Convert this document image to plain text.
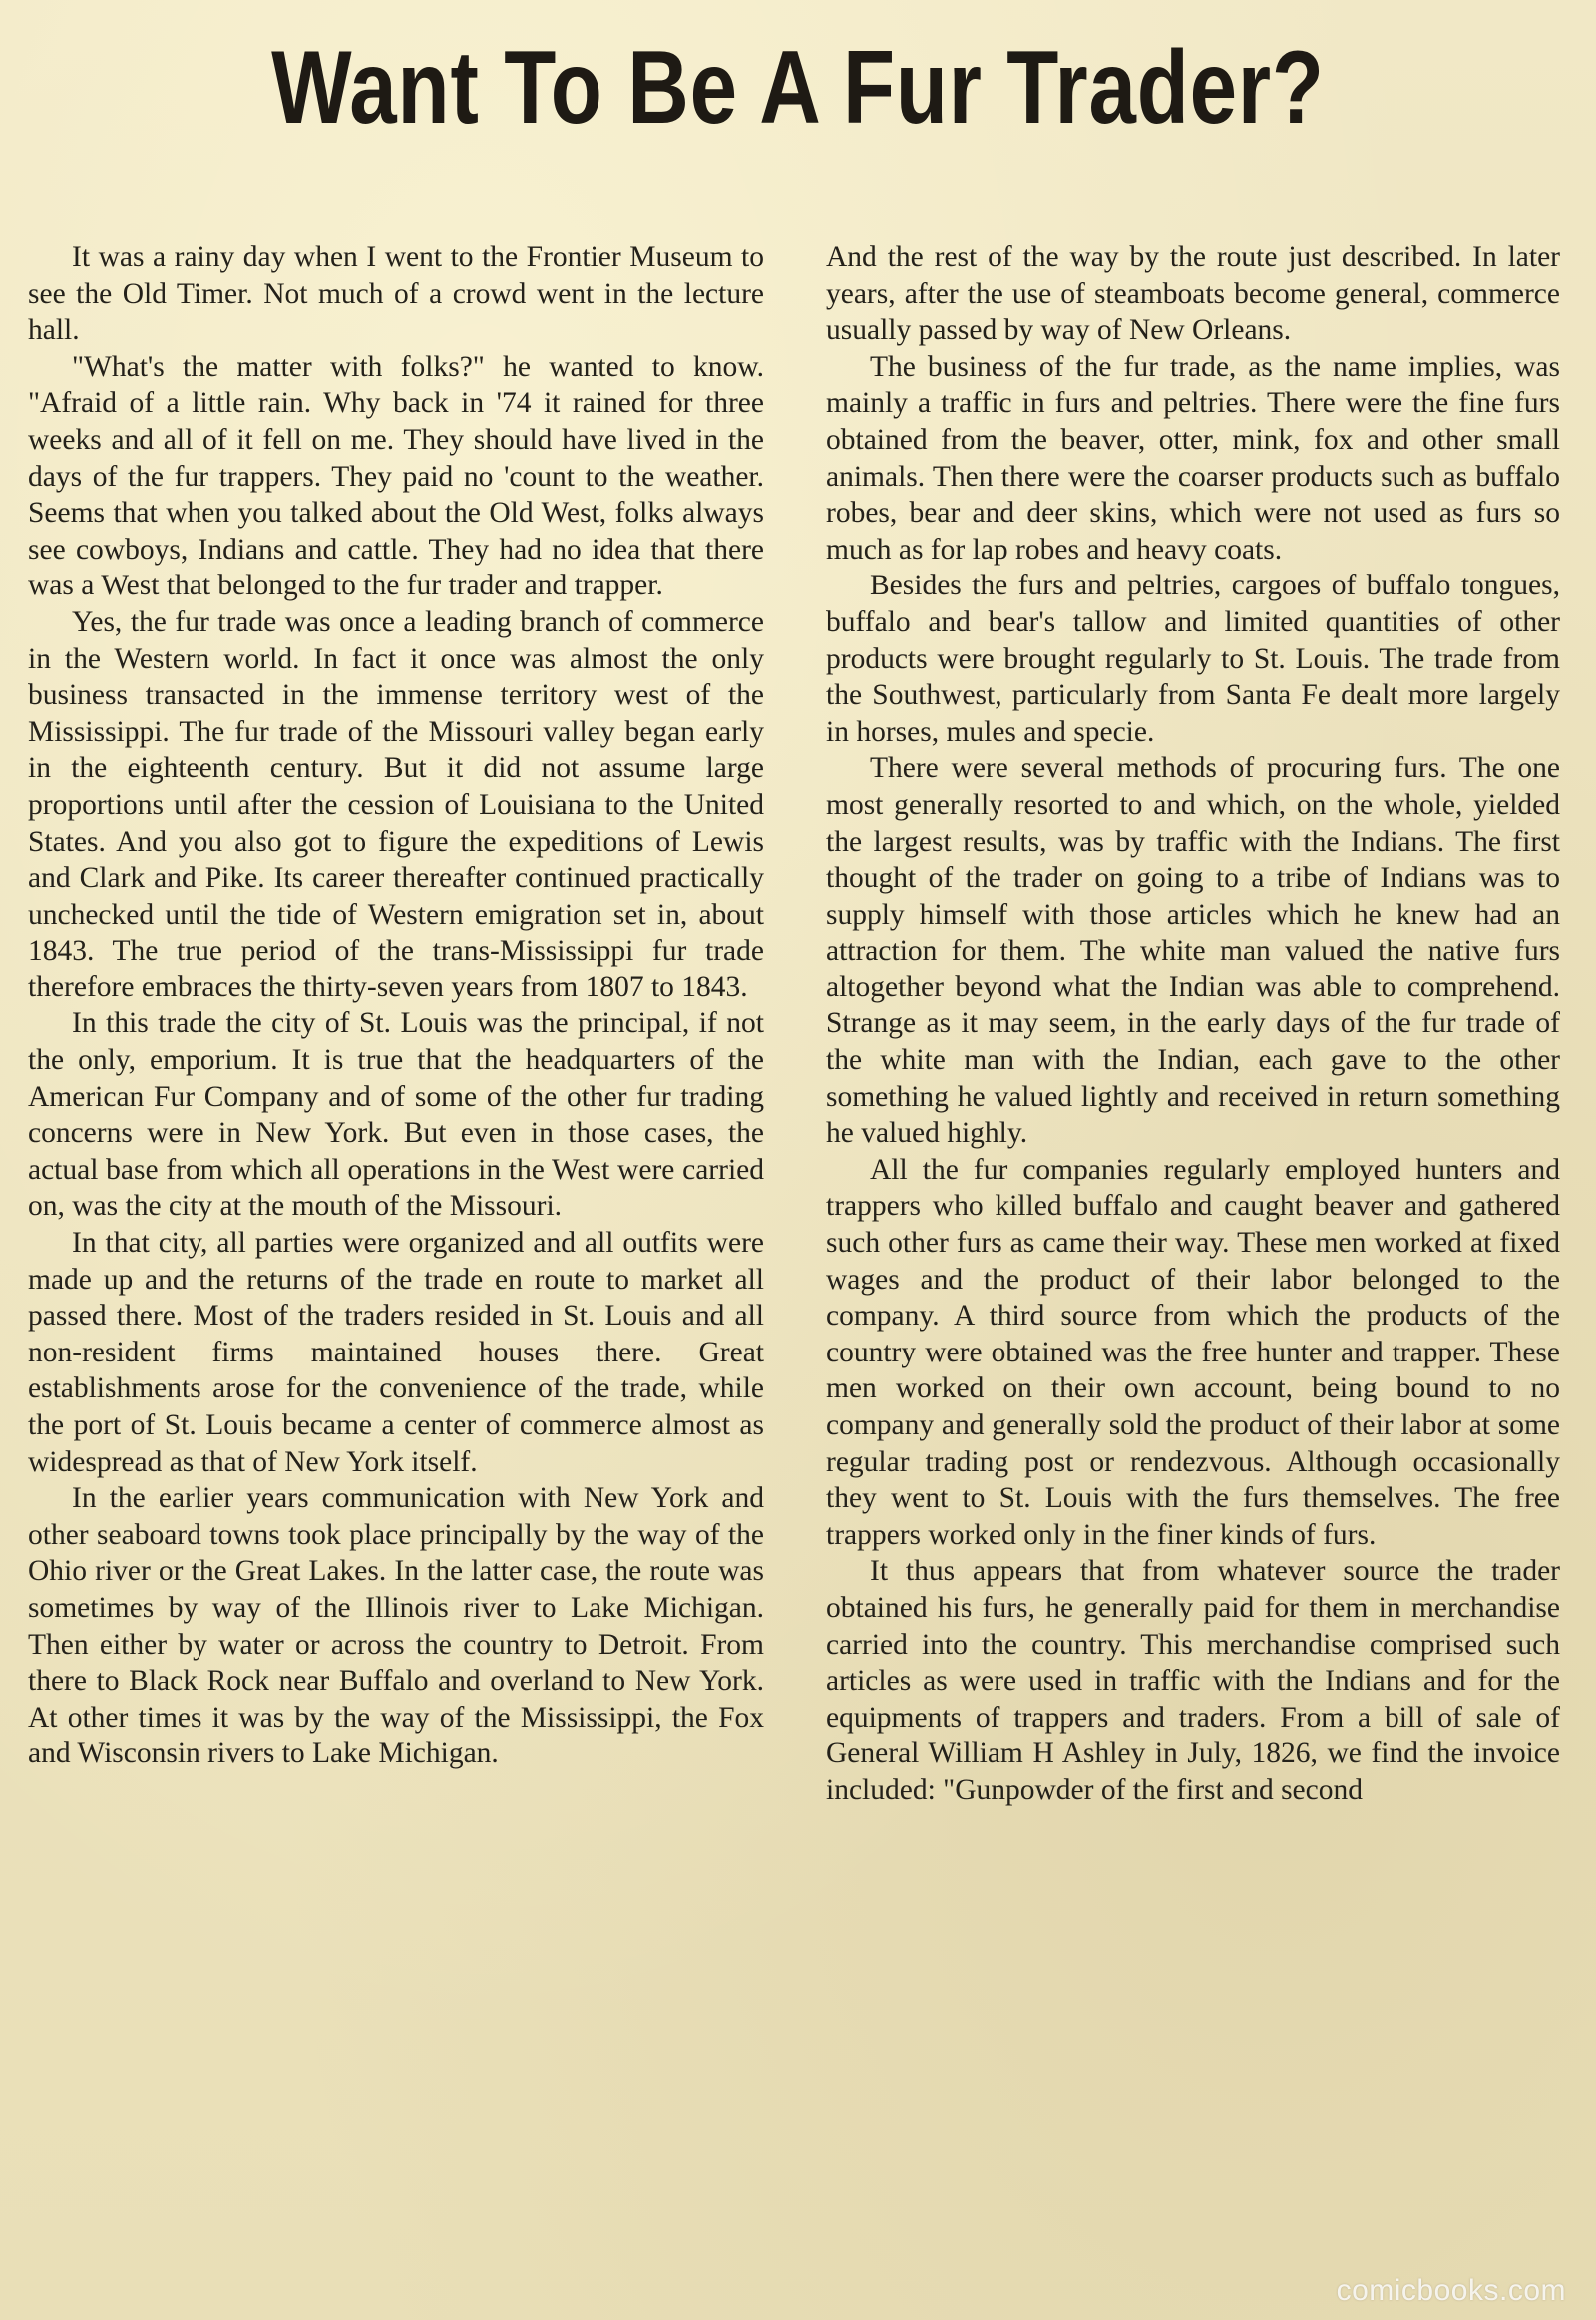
Want To Be A Fur Trader?

It was a rainy day when I went to the Frontier Museum to see the Old Timer. Not much of a crowd went in the lecture hall.

"What's the matter with folks?" he wanted to know. "Afraid of a little rain. Why back in '74 it rained for three weeks and all of it fell on me. They should have lived in the days of the fur trappers. They paid no 'count to the weather. Seems that when you talked about the Old West, folks always see cowboys, Indians and cattle. They had no idea that there was a West that belonged to the fur trader and trapper.

Yes, the fur trade was once a leading branch of commerce in the Western world. In fact it once was almost the only business transacted in the immense territory west of the Mississippi. The fur trade of the Missouri valley began early in the eighteenth century. But it did not assume large proportions until after the cession of Louisiana to the United States. And you also got to figure the expeditions of Lewis and Clark and Pike. Its career thereafter continued practically unchecked until the tide of Western emigration set in, about 1843. The true period of the trans-Mississippi fur trade therefore embraces the thirty-seven years from 1807 to 1843.

In this trade the city of St. Louis was the principal, if not the only, emporium. It is true that the headquarters of the American Fur Company and of some of the other fur trading concerns were in New York. But even in those cases, the actual base from which all operations in the West were carried on, was the city at the mouth of the Missouri.

In that city, all parties were organized and all outfits were made up and the returns of the trade en route to market all passed there. Most of the traders resided in St. Louis and all non-resident firms maintained houses there. Great establishments arose for the convenience of the trade, while the port of St. Louis became a center of commerce almost as widespread as that of New York itself.

In the earlier years communication with New York and other seaboard towns took place principally by the way of the Ohio river or the Great Lakes. In the latter case, the route was sometimes by way of the Illinois river to Lake Michigan. Then either by water or across the country to Detroit. From there to Black Rock near Buffalo and overland to New York. At other times it was by the way of the Mississippi, the Fox and Wisconsin rivers to Lake Michigan.

And the rest of the way by the route just described. In later years, after the use of steamboats become general, commerce usually passed by way of New Orleans.

The business of the fur trade, as the name implies, was mainly a traffic in furs and peltries. There were the fine furs obtained from the beaver, otter, mink, fox and other small animals. Then there were the coarser products such as buffalo robes, bear and deer skins, which were not used as furs so much as for lap robes and heavy coats.

Besides the furs and peltries, cargoes of buffalo tongues, buffalo and bear's tallow and limited quantities of other products were brought regularly to St. Louis. The trade from the Southwest, particularly from Santa Fe dealt more largely in horses, mules and specie.

There were several methods of procuring furs. The one most generally resorted to and which, on the whole, yielded the largest results, was by traffic with the Indians. The first thought of the trader on going to a tribe of Indians was to supply himself with those articles which he knew had an attraction for them. The white man valued the native furs altogether beyond what the Indian was able to comprehend. Strange as it may seem, in the early days of the fur trade of the white man with the Indian, each gave to the other something he valued lightly and received in return something he valued highly.

All the fur companies regularly employed hunters and trappers who killed buffalo and caught beaver and gathered such other furs as came their way. These men worked at fixed wages and the product of their labor belonged to the company. A third source from which the products of the country were obtained was the free hunter and trapper. These men worked on their own account, being bound to no company and generally sold the product of their labor at some regular trading post or rendezvous. Although occasionally they went to St. Louis with the furs themselves. The free trappers worked only in the finer kinds of furs.

It thus appears that from whatever source the trader obtained his furs, he generally paid for them in merchandise carried into the country. This merchandise comprised such articles as were used in traffic with the Indians and for the equipments of trappers and traders. From a bill of sale of General William H Ashley in July, 1826, we find the invoice included: "Gunpowder of the first and second

comicbooks.com
